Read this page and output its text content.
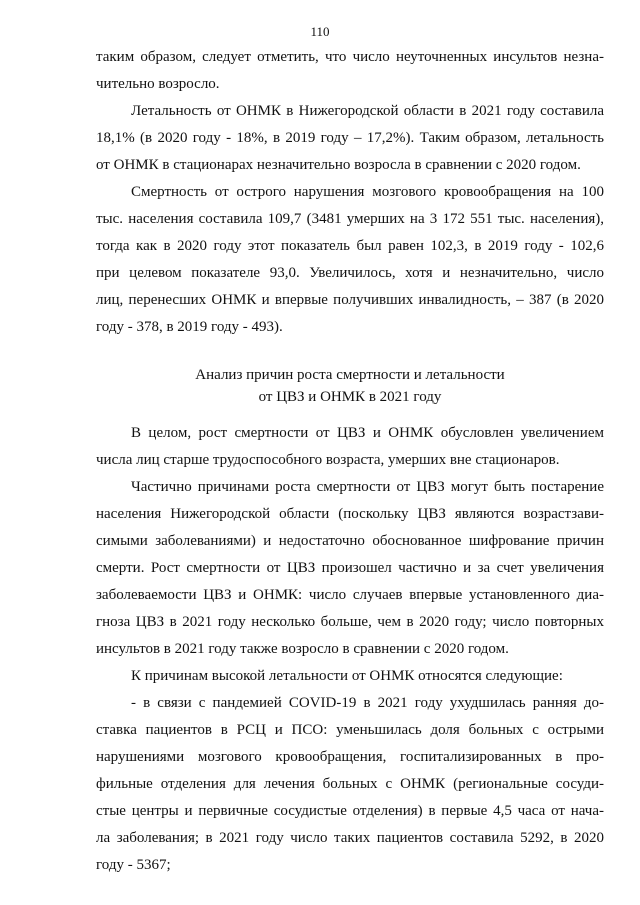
110
таким образом, следует отметить, что число неуточненных инсультов незна-
чительно возросло.
Летальность от ОНМК в Нижегородской области в 2021 году составила
18,1% (в 2020 году - 18%, в 2019 году – 17,2%). Таким образом, летальность
от ОНМК в стационарах незначительно возросла в сравнении с 2020 годом.
Смертность от острого нарушения мозгового кровообращения на 100
тыс. населения составила 109,7 (3481 умерших на 3 172 551 тыс. населения),
тогда как в 2020 году этот показатель был равен 102,3, в 2019 году - 102,6
при целевом показателе 93,0. Увеличилось, хотя и незначительно, число
лиц, перенесших ОНМК и впервые получивших инвалидность, – 387 (в 2020
году - 378, в 2019 году - 493).
Анализ причин роста смертности и летальности
от ЦВЗ и ОНМК в 2021 году
В целом, рост смертности от ЦВЗ и ОНМК обусловлен увеличением
числа лиц старше трудоспособного возраста, умерших вне стационаров.
Частично причинами роста смертности от ЦВЗ могут быть постарение
населения Нижегородской области (поскольку ЦВЗ являются возрастзави-
симыми заболеваниями) и недостаточно обоснованное шифрование причин
смерти. Рост смертности от ЦВЗ произошел частично и за счет увеличения
заболеваемости ЦВЗ и ОНМК: число случаев впервые установленного диа-
гноза ЦВЗ в 2021 году несколько больше, чем в 2020 году; число повторных
инсультов в 2021 году также возросло в сравнении с 2020 годом.
К причинам высокой летальности от ОНМК относятся следующие:
- в связи с пандемией COVID-19 в 2021 году ухудшилась ранняя до-
ставка пациентов в РСЦ и ПСО: уменьшилась доля больных с острыми
нарушениями мозгового кровообращения, госпитализированных в про-
фильные отделения для лечения больных с ОНМК (региональные сосуди-
стые центры и первичные сосудистые отделения) в первые 4,5 часа от нача-
ла заболевания; в 2021 году число таких пациентов составила 5292, в 2020
году - 5367;
